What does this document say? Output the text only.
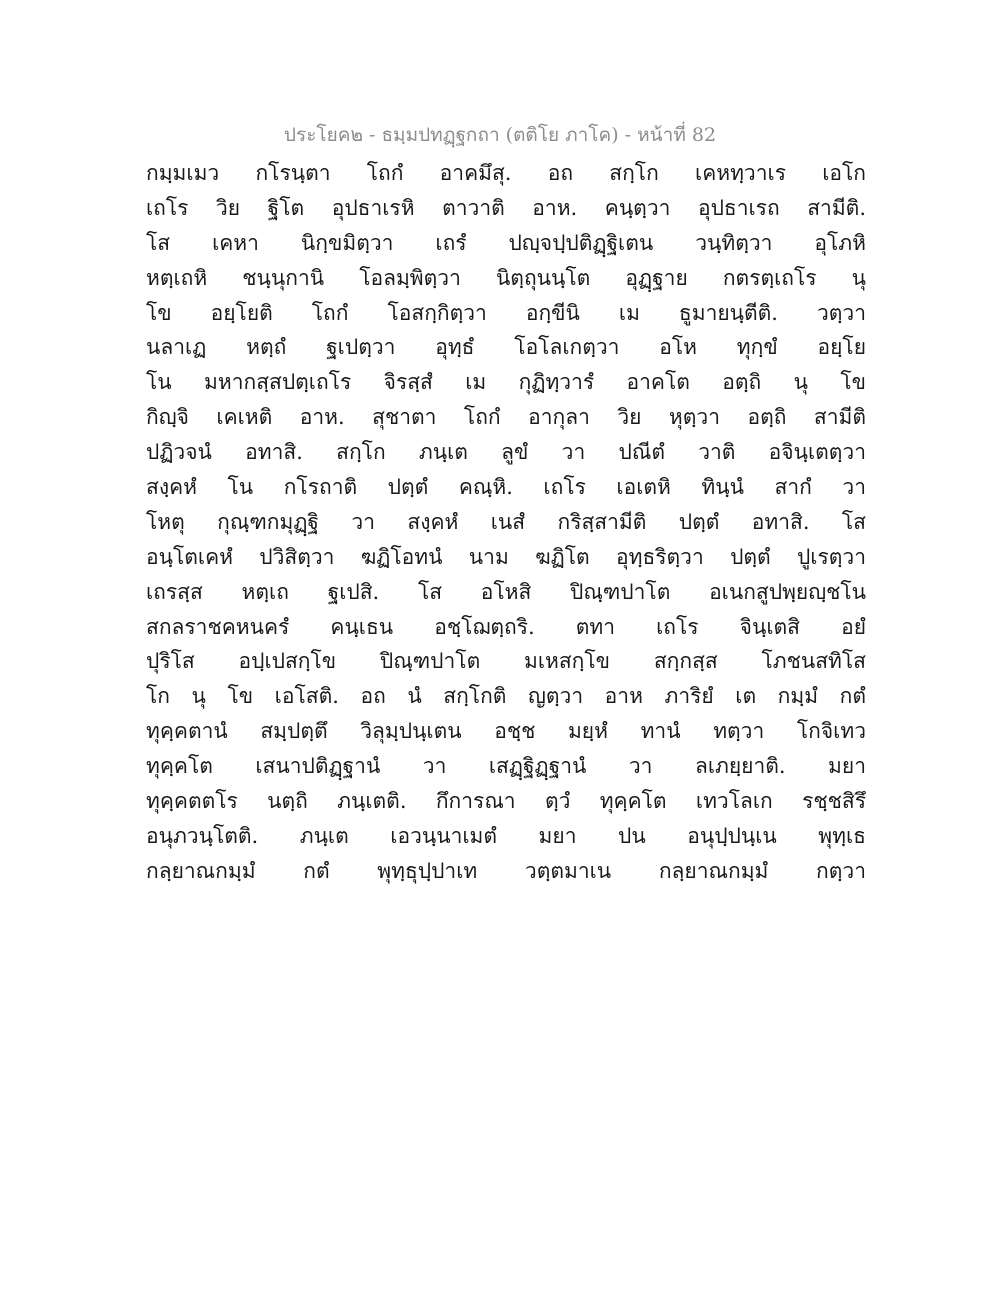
ประโยค๒ - ธมฺมปทฏฺฐกถา (ตติโย ภาโค) - หน้าที่ 82
กมฺมเมว กโรนฺตา โถกํ อาคมึสุ. อถ สกฺโก เคหทฺวาเร เอโก
เถโร วิย ฐิโต อุปธาเรหิ ตาวาติ อาห. คนฺตฺวา อุปธาเรถ สามีติ.
โส เคหา นิกฺขมิตฺวา เถรํ ปญฺจปฺปติฏฺฐิเตน วนฺทิตฺวา อุโภหิ
หตฺเถหิ ชนฺนุกานิ โอลมฺพิตฺวา นิตฺถุนนฺโต อุฏฺฐาย กตรตฺเถโร นุ
โข อยฺโยติ โถกํ โอสกฺกิตฺวา อกฺขีนิ เม ธูมายนฺตีติ. วตฺวา
นลาเฏ หตฺถํ ฐเปตฺวา อุทฺธํ โอโลเกตฺวา อโห ทุกฺขํ อยฺโย
โน มหากสฺสปตฺเถโร จิรสฺสํ เม กุฏิทฺวารํ อาคโต อตฺถิ นุ โข
กิญฺจิ เคเหติ อาห. สุชาตา โถกํ อากุลา วิย หุตฺวา อตฺถิ สามีติ
ปฏิวจนํ อทาสิ. สกฺโก ภนฺเต ลูขํ วา ปณีตํ วาติ อจินฺเตตฺวา
สงฺคหํ โน กโรถาติ ปตฺตํ คณฺหิ. เถโร เอเตหิ ทินฺนํ สากํ วา
โหตุ กุณฺฑกมุฏฺฐิ วา สงฺคหํ เนสํ กริสฺสามีติ ปตฺตํ อทาสิ. โส
อนฺโตเคหํ ปวิสิตฺวา ฆฏิโอทนํ นาม ฆฏิโต อุทฺธริตฺวา ปตฺตํ ปูเรตฺวา
เถรสฺส หตฺเถ ฐเปสิ. โส อโหสิ ปิณฺฑปาโต อเนกสูปพฺยญฺชโน
สกลราชคหนครํ คนฺเธน อชฺโฌตฺถริ. ตทา เถโร จินฺเตสิ อยํ
ปุริโส อปฺเปสกฺโข ปิณฺฑปาโต มเหสกฺโข สกฺกสฺส โภชนสทิโส
โก นุ โข เอโสติ. อถ นํ สกฺโกติ ญตฺวา อาห ภาริยํ เต กมฺมํ กตํ
ทุคฺคตานํ สมฺปตฺตึ วิลุมฺปนฺเตน อชฺช มยฺหํ ทานํ ทตฺวา โกจิเทว
ทุคฺคโต เสนาปติฏฺฐานํ วา เสฏฺฐิฏฺฐานํ วา ลเภยฺยาติ. มยา
ทุคฺคตตโร นตฺถิ ภนฺเตติ. กึการณา ตฺวํ ทุคฺคโต เทวโลเก รชฺชสิรึ
อนุภวนฺโตติ. ภนฺเต เอวนฺนาเมตํ มยา ปน อนุปฺปนฺเน พุทฺเธ
กลฺยาณกมฺมํ กตํ พุทฺธุปฺปาเท วตฺตมาเน กลฺยาณกมฺมํ กตฺวา
